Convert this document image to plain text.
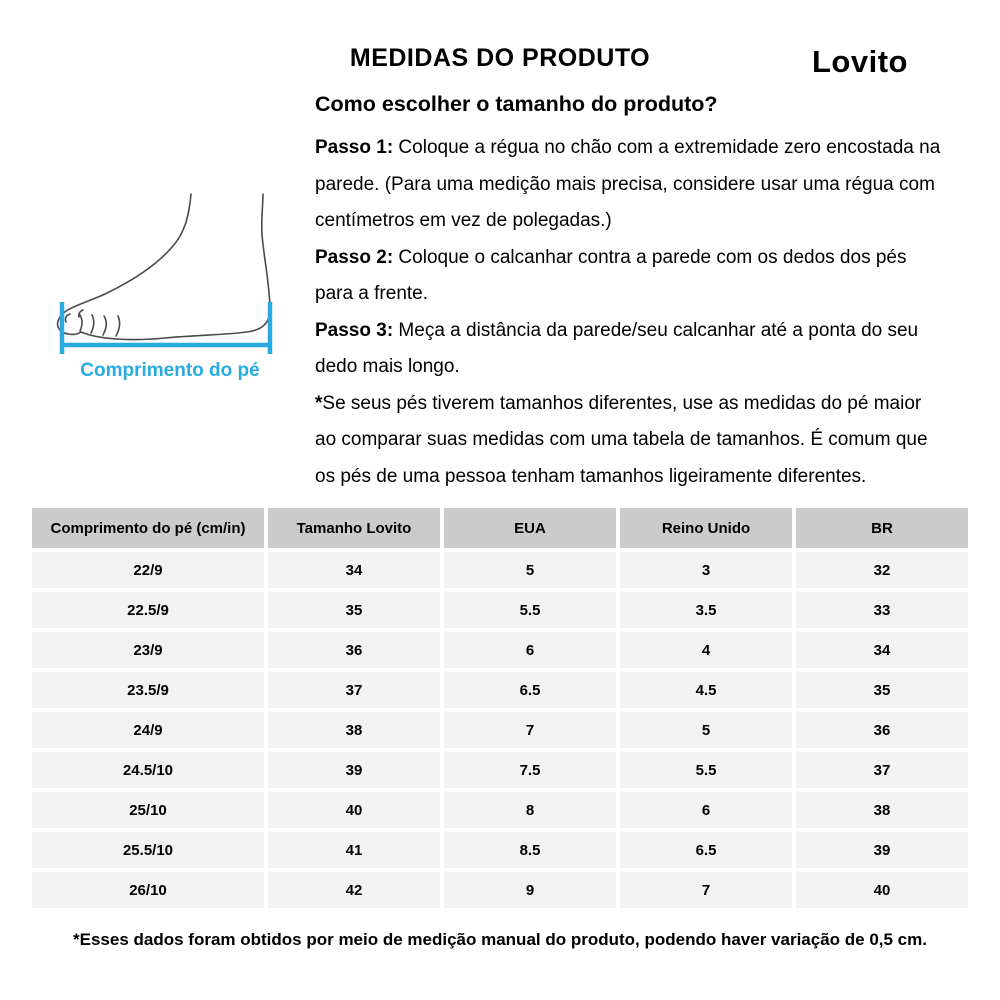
MEDIDAS DO PRODUTO	Lovito
Como escolher o tamanho do produto?

Passo 1: Coloque a régua no chão com a extremidade zero encostada na parede. (Para uma medição mais precisa, considere usar uma régua com centímetros em vez de polegadas.)

Passo 2: Coloque o calcanhar contra a parede com os dedos dos pés para a frente.

Passo 3: Meça a distância da parede/seu calcanhar até a ponta do seu dedo mais longo.

*Se seus pés tiverem tamanhos diferentes, use as medidas do pé maior ao comparar suas medidas com uma tabela de tamanhos. É comum que os pés de uma pessoa tenham tamanhos ligeiramente diferentes.

Comprimento do pé
Comprimento do pé (cm/in)	Tamanho Lovito	EUA	Reino Unido	BR
22/9	34	5	3	32
22.5/9	35	5.5	3.5	33
23/9	36	6	4	34
23.5/9	37	6.5	4.5	35
24/9	38	7	5	36
24.5/10	39	7.5	5.5	37
25/10	40	8	6	38
25.5/10	41	8.5	6.5	39
26/10	42	9	7	40
*Esses dados foram obtidos por meio de medição manual do produto, podendo haver variação de 0,5 cm.
